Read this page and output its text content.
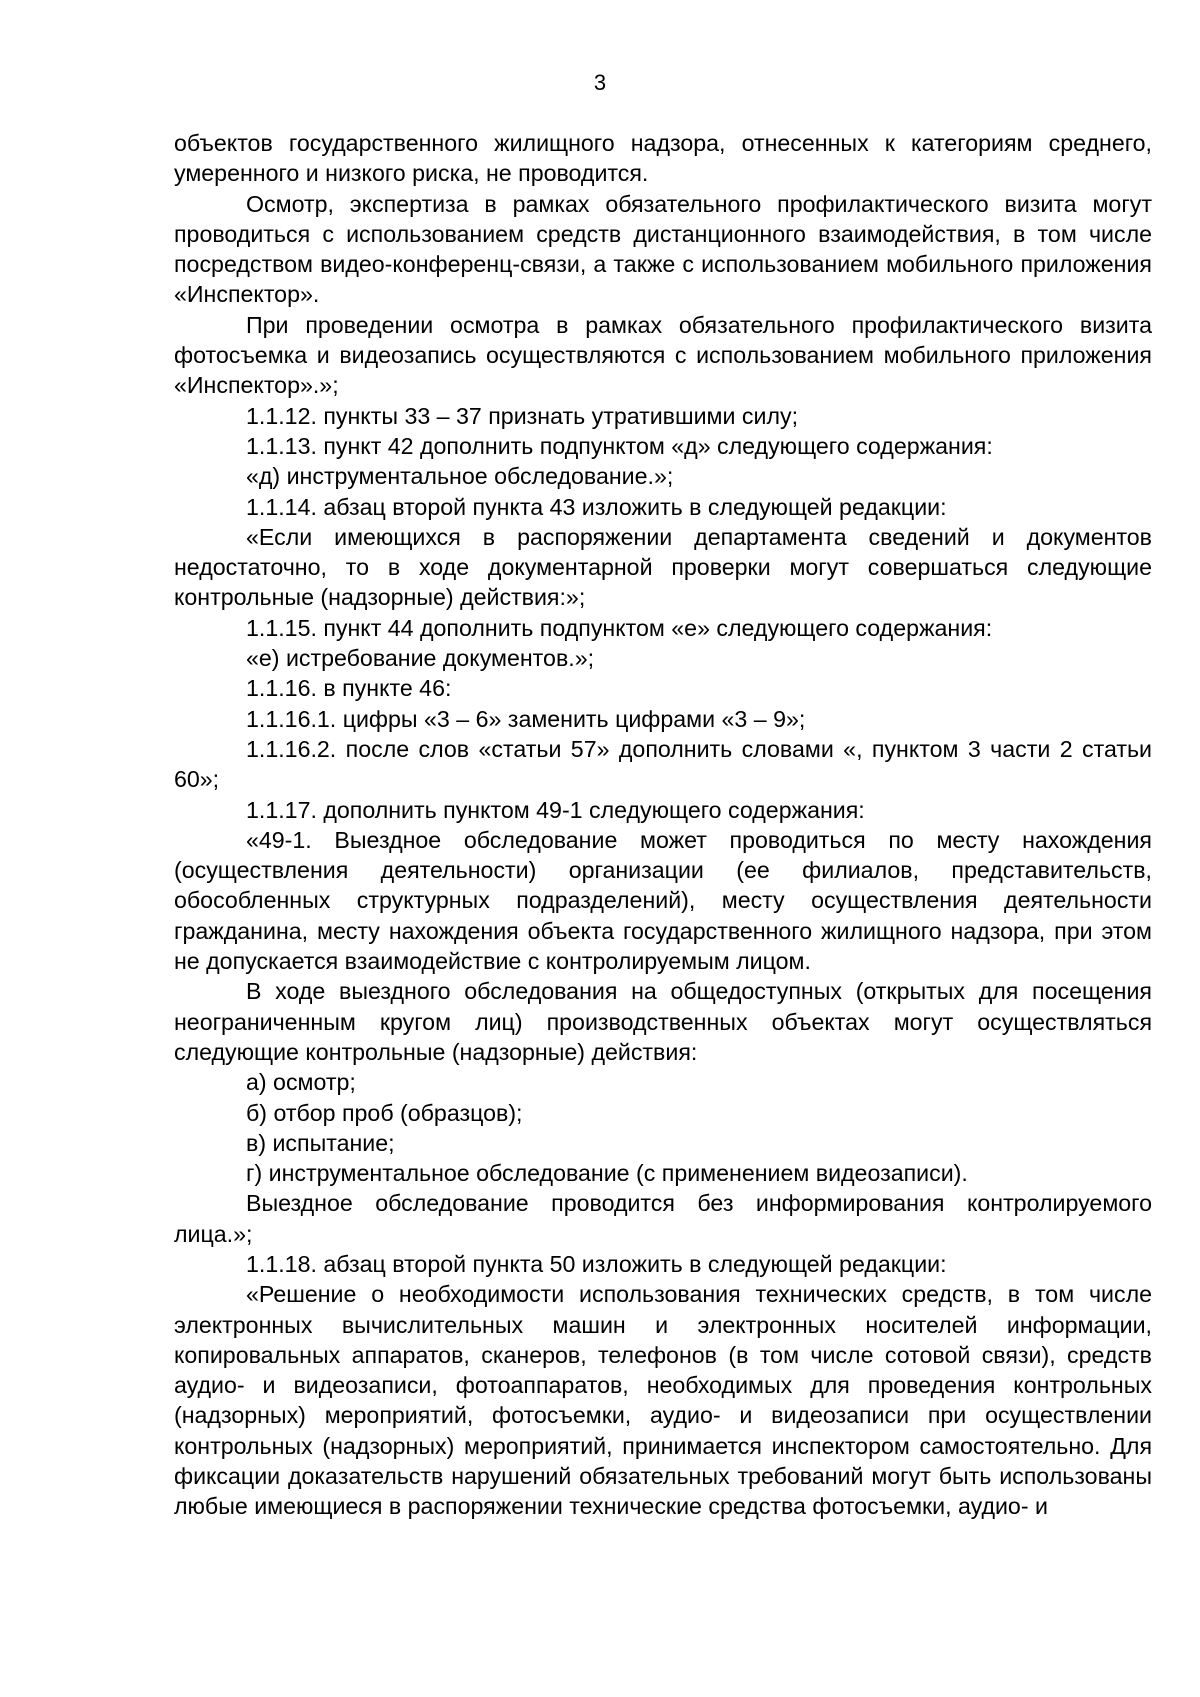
3

объектов государственного жилищного надзора, отнесенных к категориям среднего, умеренного и низкого риска, не проводится.

Осмотр, экспертиза в рамках обязательного профилактического визита могут проводиться с использованием средств дистанционного взаимодействия, в том числе посредством видео-конференц-связи, а также с использованием мобильного приложения «Инспектор».

При проведении осмотра в рамках обязательного профилактического визита фотосъемка и видеозапись осуществляются с использованием мобильного приложения «Инспектор».»;

1.1.12. пункты 33 – 37 признать утратившими силу;

1.1.13. пункт 42 дополнить подпунктом «д» следующего содержания:

«д) инструментальное обследование.»;

1.1.14. абзац второй пункта 43 изложить в следующей редакции:

«Если имеющихся в распоряжении департамента сведений и документов недостаточно, то в ходе документарной проверки могут совершаться следующие контрольные (надзорные) действия:»;

1.1.15. пункт 44 дополнить подпунктом «е» следующего содержания:

«е) истребование документов.»;

1.1.16. в пункте 46:

1.1.16.1. цифры «3 – 6» заменить цифрами «3 – 9»;

1.1.16.2. после слов «статьи 57» дополнить словами «, пунктом 3 части 2 статьи 60»;

1.1.17. дополнить пунктом 49-1 следующего содержания:

«49-1. Выездное обследование может проводиться по месту нахождения (осуществления деятельности) организации (ее филиалов, представительств, обособленных структурных подразделений), месту осуществления деятельности гражданина, месту нахождения объекта государственного жилищного надзора, при этом не допускается взаимодействие с контролируемым лицом.

В ходе выездного обследования на общедоступных (открытых для посещения неограниченным кругом лиц) производственных объектах могут осуществляться следующие контрольные (надзорные) действия:

а) осмотр;

б) отбор проб (образцов);

в) испытание;

г) инструментальное обследование (с применением видеозаписи).

Выездное обследование проводится без информирования контролируемого лица.»;

1.1.18. абзац второй пункта 50 изложить в следующей редакции:

«Решение о необходимости использования технических средств, в том числе электронных вычислительных машин и электронных носителей информации, копировальных аппаратов, сканеров, телефонов (в том числе сотовой связи), средств аудио- и видеозаписи, фотоаппаратов, необходимых для проведения контрольных (надзорных) мероприятий, фотосъемки, аудио- и видеозаписи при осуществлении контрольных (надзорных) мероприятий, принимается инспектором самостоятельно. Для фиксации доказательств нарушений обязательных требований могут быть использованы любые имеющиеся в распоряжении технические средства фотосъемки, аудио- и
